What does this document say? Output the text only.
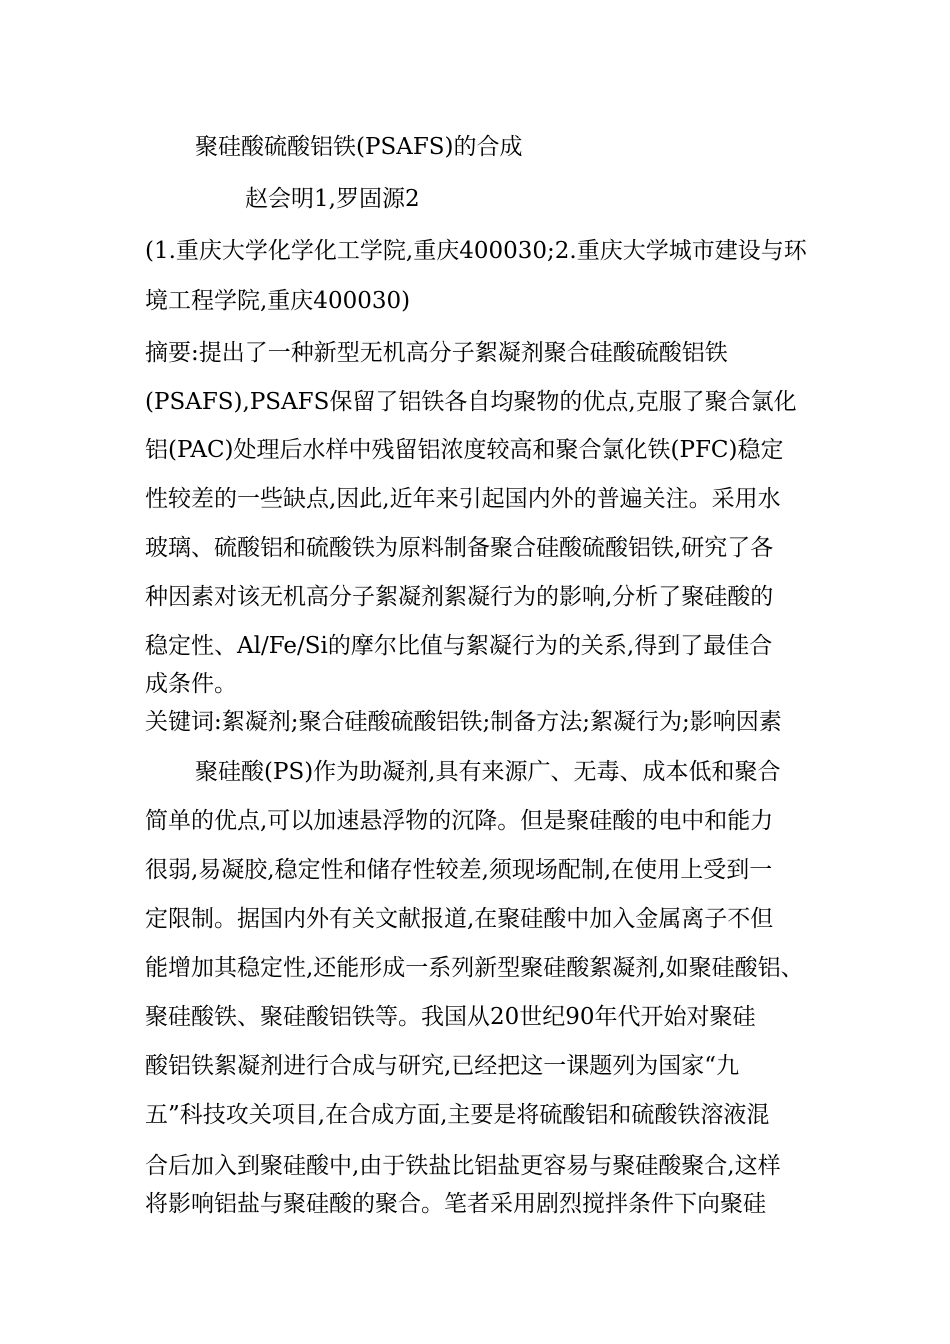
聚硅酸硫酸铝铁(PSAFS)的合成
赵会明1,罗固源2
(1.重庆大学化学化工学院,重庆400030;2.重庆大学城市建设与环
境工程学院,重庆400030)
摘要:提出了一种新型无机高分子絮凝剂聚合硅酸硫酸铝铁
(PSAFS),PSAFS保留了铝铁各自均聚物的优点,克服了聚合氯化
铝(PAC)处理后水样中残留铝浓度较高和聚合氯化铁(PFC)稳定
性较差的一些缺点,因此,近年来引起国内外的普遍关注。采用水
玻璃、硫酸铝和硫酸铁为原料制备聚合硅酸硫酸铝铁,研究了各
种因素对该无机高分子絮凝剂絮凝行为的影响,分析了聚硅酸的
稳定性、Al/Fe/Si的摩尔比值与絮凝行为的关系,得到了最佳合
成条件。
关键词:絮凝剂;聚合硅酸硫酸铝铁;制备方法;絮凝行为;影响因素
聚硅酸(PS)作为助凝剂,具有来源广、无毒、成本低和聚合
简单的优点,可以加速悬浮物的沉降。但是聚硅酸的电中和能力
很弱,易凝胶,稳定性和储存性较差,须现场配制,在使用上受到一
定限制。据国内外有关文献报道,在聚硅酸中加入金属离子不但
能增加其稳定性,还能形成一系列新型聚硅酸絮凝剂,如聚硅酸铝、
聚硅酸铁、聚硅酸铝铁等。我国从20世纪90年代开始对聚硅
酸铝铁絮凝剂进行合成与研究,已经把这一课题列为国家“九
五”科技攻关项目,在合成方面,主要是将硫酸铝和硫酸铁溶液混
合后加入到聚硅酸中,由于铁盐比铝盐更容易与聚硅酸聚合,这样
将影响铝盐与聚硅酸的聚合。笔者采用剧烈搅拌条件下向聚硅
